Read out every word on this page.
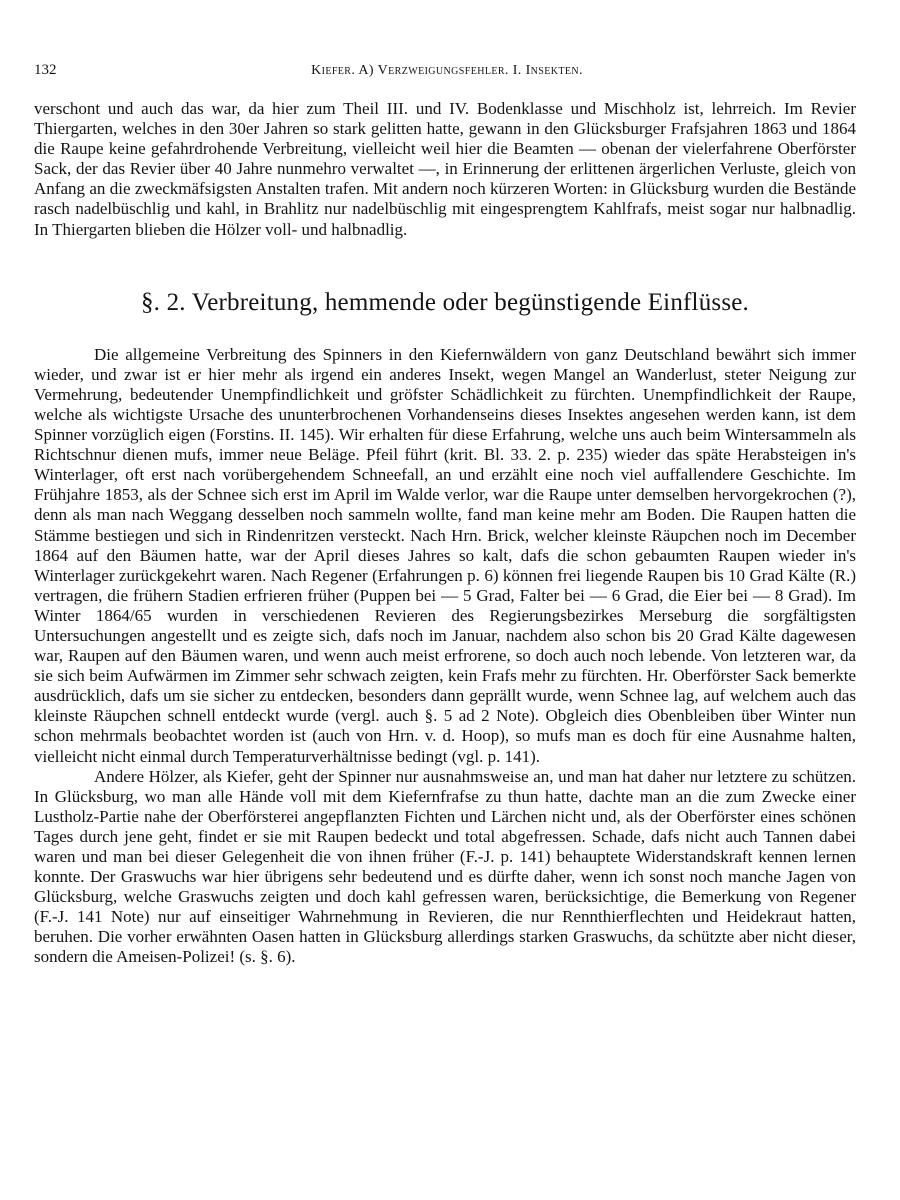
132	Kiefer. A) Verzweigungsfehler. I. Insekten.

verschont und auch das war, da hier zum Theil III. und IV. Bodenklasse und Mischholz ist, lehrreich. Im Revier Thiergarten, welches in den 30er Jahren so stark gelitten hatte, gewann in den Glücksburger Frafsjahren 1863 und 1864 die Raupe keine gefahrdrohende Verbreitung, vielleicht weil hier die Beamten — obenan der vielerfahrene Oberförster Sack, der das Revier über 40 Jahre nunmehro verwaltet —, in Erinnerung der erlittenen ärgerlichen Verluste, gleich von Anfang an die zweckmäfsigsten Anstalten trafen. Mit andern noch kürzeren Worten: in Glücksburg wurden die Bestände rasch nadelbüschlig und kahl, in Brahlitz nur nadelbüschlig mit eingesprengtem Kahlfrafs, meist sogar nur halbnadlig. In Thiergarten blieben die Hölzer voll- und halbnadlig.

§. 2. Verbreitung, hemmende oder begünstigende Einflüsse.

Die allgemeine Verbreitung des Spinners in den Kiefernwäldern von ganz Deutschland bewährt sich immer wieder, und zwar ist er hier mehr als irgend ein anderes Insekt, wegen Mangel an Wanderlust, steter Neigung zur Vermehrung, bedeutender Unempfindlichkeit und gröfster Schädlichkeit zu fürchten. Unempfindlichkeit der Raupe, welche als wichtigste Ursache des ununterbrochenen Vorhandenseins dieses Insektes angesehen werden kann, ist dem Spinner vorzüglich eigen (Forstins. II. 145). Wir erhalten für diese Erfahrung, welche uns auch beim Wintersammeln als Richtschnur dienen mufs, immer neue Beläge. Pfeil führt (krit. Bl. 33. 2. p. 235) wieder das späte Herabsteigen in's Winterlager, oft erst nach vorübergehendem Schneefall, an und erzählt eine noch viel auffallendere Geschichte. Im Frühjahre 1853, als der Schnee sich erst im April im Walde verlor, war die Raupe unter demselben hervorgekrochen (?), denn als man nach Weggang desselben noch sammeln wollte, fand man keine mehr am Boden. Die Raupen hatten die Stämme bestiegen und sich in Rindenritzen versteckt. Nach Hrn. Brick, welcher kleinste Räupchen noch im December 1864 auf den Bäumen hatte, war der April dieses Jahres so kalt, dafs die schon gebaumten Raupen wieder in's Winterlager zurückgekehrt waren. Nach Regener (Erfahrungen p. 6) können frei liegende Raupen bis 10 Grad Kälte (R.) vertragen, die frühern Stadien erfrieren früher (Puppen bei — 5 Grad, Falter bei — 6 Grad, die Eier bei — 8 Grad). Im Winter 1864/65 wurden in verschiedenen Revieren des Regierungsbezirkes Merseburg die sorgfältigsten Untersuchungen angestellt und es zeigte sich, dafs noch im Januar, nachdem also schon bis 20 Grad Kälte dagewesen war, Raupen auf den Bäumen waren, und wenn auch meist erfrorene, so doch auch noch lebende. Von letzteren war, da sie sich beim Aufwärmen im Zimmer sehr schwach zeigten, kein Frafs mehr zu fürchten. Hr. Oberförster Sack bemerkte ausdrücklich, dafs um sie sicher zu entdecken, besonders dann geprällt wurde, wenn Schnee lag, auf welchem auch das kleinste Räupchen schnell entdeckt wurde (vergl. auch §. 5 ad 2 Note). Obgleich dies Obenbleiben über Winter nun schon mehrmals beobachtet worden ist (auch von Hrn. v. d. Hoop), so mufs man es doch für eine Ausnahme halten, vielleicht nicht einmal durch Temperaturverhältnisse bedingt (vgl. p. 141).

Andere Hölzer, als Kiefer, geht der Spinner nur ausnahmsweise an, und man hat daher nur letztere zu schützen. In Glücksburg, wo man alle Hände voll mit dem Kiefernfrafse zu thun hatte, dachte man an die zum Zwecke einer Lustholz-Partie nahe der Oberförsterei angepflanzten Fichten und Lärchen nicht und, als der Oberförster eines schönen Tages durch jene geht, findet er sie mit Raupen bedeckt und total abgefressen. Schade, dafs nicht auch Tannen dabei waren und man bei dieser Gelegenheit die von ihnen früher (F.-J. p. 141) behauptete Widerstandskraft kennen lernen konnte. Der Graswuchs war hier übrigens sehr bedeutend und es dürfte daher, wenn ich sonst noch manche Jagen von Glücksburg, welche Graswuchs zeigten und doch kahl gefressen waren, berücksichtige, die Bemerkung von Regener (F.-J. 141 Note) nur auf einseitiger Wahrnehmung in Revieren, die nur Rennthierflechten und Heidekraut hatten, beruhen. Die vorher erwähnten Oasen hatten in Glücksburg allerdings starken Graswuchs, da schützte aber nicht dieser, sondern die Ameisen-Polizei! (s. §. 6).
